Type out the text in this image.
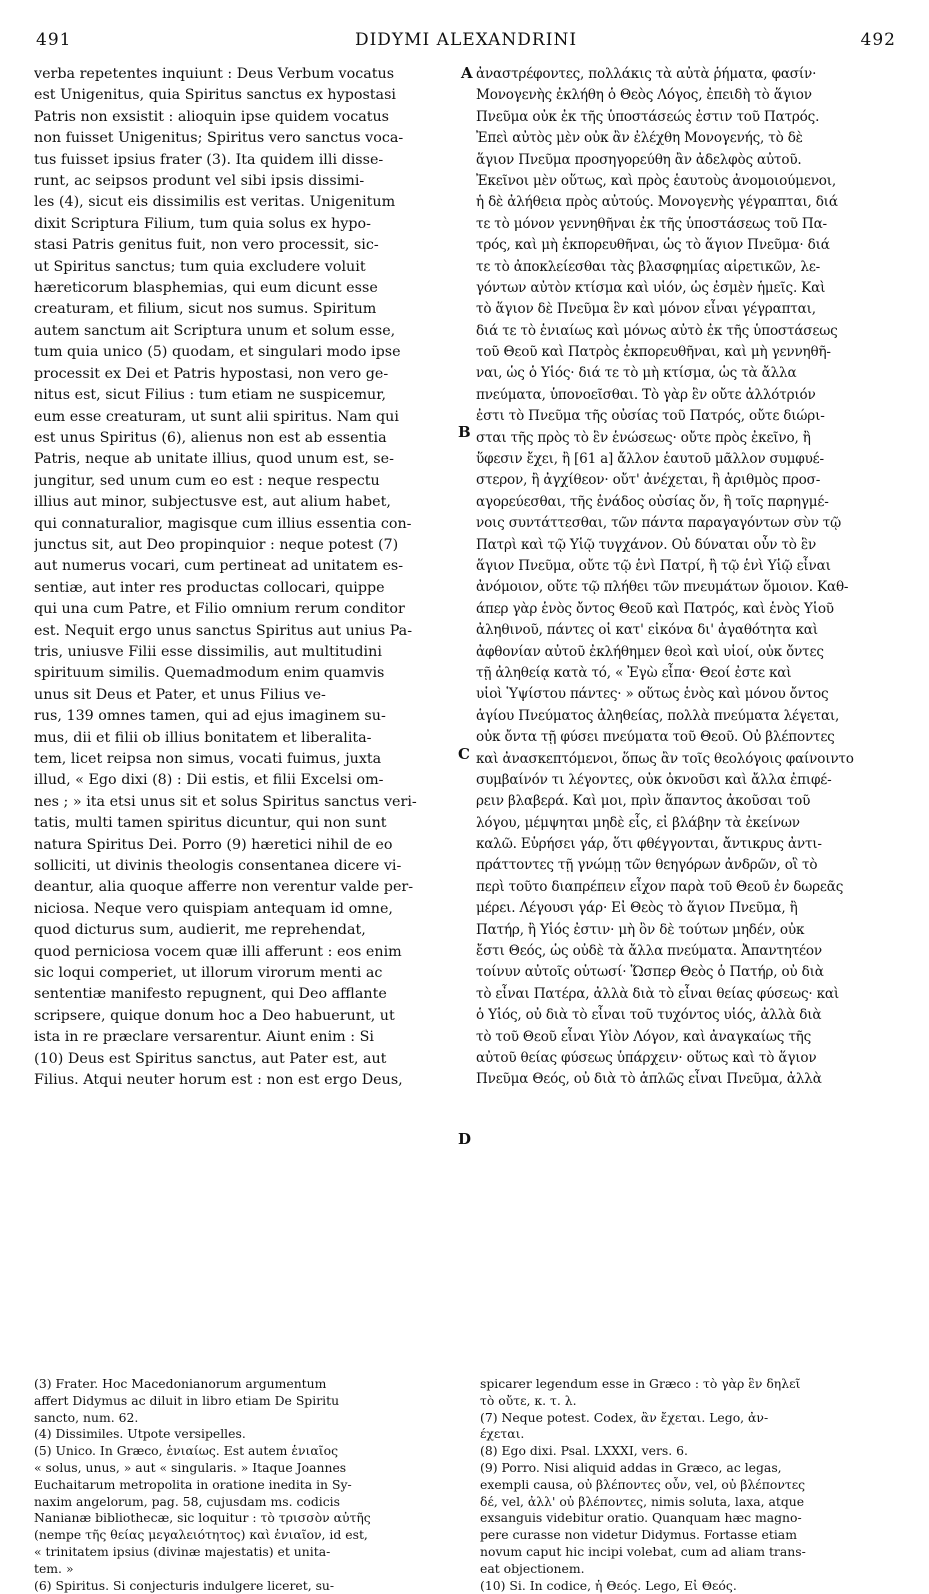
491	DIDYMI ALEXANDRINI	492
verba repetentes inquiunt : Deus Verbum vocatus
est Unigenitus, quia Spiritus sanctus ex hypostasi
Patris non exsistit : alioquin ipse quidem vocatus
non fuisset Unigenitus; Spiritus vero sanctus voca-
tus fuisset ipsius frater (3). Ita quidem illi disse-
runt, ac seipsos produnt vel sibi ipsis dissimi-
les (4), sicut eis dissimilis est veritas. Unigenitum
dixit Scriptura Filium, tum quia solus ex hypo-
stasi Patris genitus fuit, non vero processit, sic-
ut Spiritus sanctus; tum quia excludere voluit
hæreticorum blasphemias, qui eum dicunt esse
creaturam, et filium, sicut nos sumus. Spiritum
autem sanctum ait Scriptura unum et solum esse,
tum quia unico (5) quodam, et singulari modo ipse
processit ex Dei et Patris hypostasi, non vero ge-
nitus est, sicut Filius : tum etiam ne suspicemur,
eum esse creaturam, ut sunt alii spiritus. Nam qui
est unus Spiritus (6), alienus non est ab essentia
Patris, neque ab unitate illius, quod unum est, se-
jungitur, sed unum cum eo est : neque respectu
illius aut minor, subjectusve est, aut alium habet,
qui connaturalior, magisque cum illius essentia con-
junctus sit, aut Deo propinquior : neque potest (7)
aut numerus vocari, cum pertineat ad unitatem es-
sentiæ, aut inter res productas collocari, quippe
qui una cum Patre, et Filio omnium rerum conditor
est. Nequit ergo unus sanctus Spiritus aut unius Pa-
tris, uniusve Filii esse dissimilis, aut multitudini
spirituum similis. Quemadmodum enim quamvis
unus sit Deus et Pater, et unus Filius ve-
rus, 139 omnes tamen, qui ad ejus imaginem su-
mus, dii et filii ob illius bonitatem et liberalita-
tem, licet reipsa non simus, vocati fuimus, juxta
illud, « Ego dixi (8) : Dii estis, et filii Excelsi om-
nes ; » ita etsi unus sit et solus Spiritus sanctus veri-
tatis, multi tamen spiritus dicuntur, qui non sunt
natura Spiritus Dei. Porro (9) hæretici nihil de eo
solliciti, ut divinis theologis consentanea dicere vi-
deantur, alia quoque afferre non verentur valde per-
niciosa. Neque vero quispiam antequam id omne,
quod dicturus sum, audierit, me reprehendat,
quod perniciosa vocem quæ illi afferunt : eos enim
sic loqui comperiet, ut illorum virorum menti ac
sententiæ manifesto repugnent, qui Deo afflante
scripsere, quique donum hoc a Deo habuerunt, ut
ista in re præclare versarentur. Aiunt enim : Si
(10) Deus est Spiritus sanctus, aut Pater est, aut
Filius. Atqui neuter horum est : non est ergo Deus,
ἀναστρέφοντες, πολλάκις τὰ αὐτὰ ῥήματα, φασίν·
Μονογενὴς ἐκλήθη ὁ Θεὸς Λόγος, ἐπειδὴ τὸ ἅγιον
Πνεῦμα οὐκ ἐκ τῆς ὑποστάσεώς ἐστιν τοῦ Πατρός.
Ἐπεὶ αὐτὸς μὲν οὐκ ἂν ἐλέχθη Μονογενής, τὸ δὲ
ἅγιον Πνεῦμα προσηγορεύθη ἂν ἀδελφὸς αὐτοῦ.
Ἐκεῖνοι μὲν οὕτως, καὶ πρὸς ἑαυτοὺς ἀνομοιούμενοι,
ἡ δὲ ἀλήθεια πρὸς αὐτούς. Μονογενὴς γέγραπται, διά
τε τὸ μόνον γεννηθῆναι ἐκ τῆς ὑποστάσεως τοῦ Πα-
τρός, καὶ μὴ ἐκπορευθῆναι, ὡς τὸ ἅγιον Πνεῦμα· διά
τε τὸ ἀποκλείεσθαι τὰς βλασφημίας αἱρετικῶν, λε-
γόντων αὐτὸν κτίσμα καὶ υἱόν, ὡς ἐσμὲν ἡμεῖς. Καὶ
τὸ ἅγιον δὲ Πνεῦμα ἓν καὶ μόνον εἶναι γέγραπται,
διά τε τὸ ἑνιαίως καὶ μόνως αὐτὸ ἐκ τῆς ὑποστάσεως
τοῦ Θεοῦ καὶ Πατρὸς ἐκπορευθῆναι, καὶ μὴ γεννηθῆ-
ναι, ὡς ὁ Υἱός· διά τε τὸ μὴ κτίσμα, ὡς τὰ ἄλλα
πνεύματα, ὑπονοεῖσθαι. Τὸ γὰρ ἓν οὔτε ἀλλότριόν
ἐστι τὸ Πνεῦμα τῆς οὐσίας τοῦ Πατρός, οὔτε διώρι-
σται τῆς πρὸς τὸ ἓν ἑνώσεως· οὔτε πρὸς ἐκεῖνο, ἢ
ὕφεσιν ἔχει, ἢ [61 a] ἄλλον ἑαυτοῦ μᾶλλον συμφυέ-
στερον, ἢ ἀγχίθεον· οὔτ' ἀνέχεται, ἢ ἀριθμὸς προσ-
αγορεύεσθαι, τῆς ἑνάδος οὐσίας ὄν, ἢ τοῖς παρηγμέ-
νοις συντάττεσθαι, τῶν πάντα παραγαγόντων σὺν τῷ
Πατρὶ καὶ τῷ Υἱῷ τυγχάνον. Οὐ δύναται οὖν τὸ ἓν
ἅγιον Πνεῦμα, οὔτε τῷ ἑνὶ Πατρί, ἢ τῷ ἑνὶ Υἱῷ εἶναι
ἀνόμοιον, οὔτε τῷ πλήθει τῶν πνευμάτων ὅμοιον. Καθ-
άπερ γὰρ ἑνὸς ὄντος Θεοῦ καὶ Πατρός, καὶ ἑνὸς Υἱοῦ
ἀληθινοῦ, πάντες οἱ κατ' εἰκόνα δι' ἀγαθότητα καὶ
ἀφθονίαν αὐτοῦ ἐκλήθημεν θεοὶ καὶ υἱοί, οὐκ ὄντες
τῇ ἀληθείᾳ κατὰ τό, « Ἐγὼ εἶπα· Θεοί ἐστε καὶ
υἱοὶ Ὑψίστου πάντες· » οὕτως ἑνὸς καὶ μόνου ὄντος
ἁγίου Πνεύματος ἀληθείας, πολλὰ πνεύματα λέγεται,
οὐκ ὄντα τῇ φύσει πνεύματα τοῦ Θεοῦ. Οὐ βλέποντες
καὶ ἀνασκεπτόμενοι, ὅπως ἂν τοῖς θεολόγοις φαίνοιντο
συμβαίνόν τι λέγοντες, οὐκ ὀκνοῦσι καὶ ἄλλα ἐπιφέ-
ρειν βλαβερά. Καὶ μοι, πρὶν ἅπαντος ἀκοῦσαι τοῦ
λόγου, μέμψηται μηδὲ εἷς, εἰ βλάβην τὰ ἐκείνων
καλῶ. Εὑρήσει γάρ, ὅτι φθέγγονται, ἄντικρυς ἀντι-
πράττοντες τῇ γνώμῃ τῶν θεηγόρων ἀνδρῶν, οἳ τὸ
περὶ τοῦτο διαπρέπειν εἶχον παρὰ τοῦ Θεοῦ ἐν δωρεᾶς
μέρει. Λέγουσι γάρ· Εἰ Θεὸς τὸ ἅγιον Πνεῦμα, ἢ
Πατήρ, ἢ Υἱός ἐστιν· μὴ ὂν δὲ τούτων μηδέν, οὐκ
ἔστι Θεός, ὡς οὐδὲ τὰ ἄλλα πνεύματα. Ἀπαντητέον
τοίνυν αὐτοῖς οὑτωσί· Ὥσπερ Θεὸς ὁ Πατήρ, οὐ διὰ
τὸ εἶναι Πατέρα, ἀλλὰ διὰ τὸ εἶναι θείας φύσεως· καὶ
ὁ Υἱός, οὐ διὰ τὸ εἶναι τοῦ τυχόντος υἱός, ἀλλὰ διὰ
τὸ τοῦ Θεοῦ εἶναι Υἱὸν Λόγον, καὶ ἀναγκαίως τῆς
αὐτοῦ θείας φύσεως ὑπάρχειν· οὕτως καὶ τὸ ἅγιον
Πνεῦμα Θεός, οὐ διὰ τὸ ἁπλῶς εἶναι Πνεῦμα, ἀλλὰ
A
B
C
D
(3) Frater. Hoc Macedonianorum argumentum
affert Didymus ac diluit in libro etiam De Spiritu
sancto, num. 62.
(4) Dissimiles. Utpote versipelles.
(5) Unico. In Græco, ἑνιαίως. Est autem ἑνιαῖος
« solus, unus, » aut « singularis. » Itaque Joannes
Euchaitarum metropolita in oratione inedita in Sy-
naxim angelorum, pag. 58, cujusdam ms. codicis
Nanianæ bibliothecæ, sic loquitur : τὸ τρισσὸν αὐτῆς
(nempe τῆς θείας μεγαλειότητος) καὶ ἑνιαῖον, id est,
« trinitatem ipsius (divinæ majestatis) et unita-
tem. »
(6) Spiritus. Si conjecturis indulgere liceret, su-
spicarer legendum esse in Græco : τὸ γὰρ ἓν δηλεῖ
τὸ οὔτε, κ. τ. λ.
(7) Neque potest. Codex, ἂν ἔχεται. Lego, ἀν-
έχεται.
(8) Ego dixi. Psal. LXXXI, vers. 6.
(9) Porro. Nisi aliquid addas in Græco, ac legas,
exempli causa, οὐ βλέποντες οὖν, vel, οὐ βλέποντες
δέ, vel, ἀλλ' οὐ βλέποντες, nimis soluta, laxa, atque
exsanguis videbitur oratio. Quanquam hæc magno-
pere curasse non videtur Didymus. Fortasse etiam
novum caput hic incipi volebat, cum ad aliam trans-
eat objectionem.
(10) Si. In codice, ἡ Θεός. Lego, Εἰ Θεός.
